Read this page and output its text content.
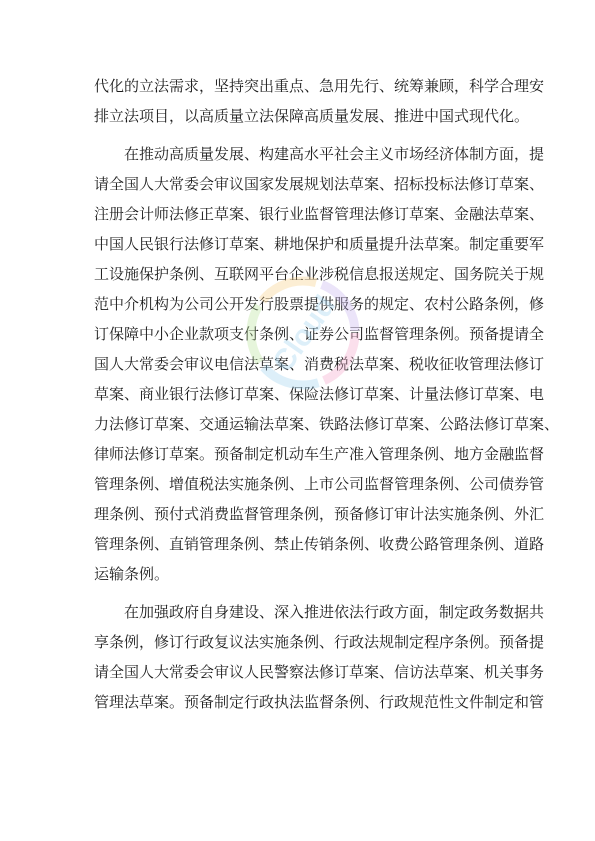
代化的立法需求，坚持突出重点、急用先行、统筹兼顾，科学合理安
排立法项目，以高质量立法保障高质量发展、推进中国式现代化。
在推动高质量发展、构建高水平社会主义市场经济体制方面，提
请全国人大常委会审议国家发展规划法草案、招标投标法修订草案、
注册会计师法修正草案、银行业监督管理法修订草案、金融法草案、
中国人民银行法修订草案、耕地保护和质量提升法草案。制定重要军
工设施保护条例、互联网平台企业涉税信息报送规定、国务院关于规
范中介机构为公司公开发行股票提供服务的规定、农村公路条例，修
订保障中小企业款项支付条例、证券公司监督管理条例。预备提请全
国人大常委会审议电信法草案、消费税法草案、税收征收管理法修订
草案、商业银行法修订草案、保险法修订草案、计量法修订草案、电
力法修订草案、交通运输法草案、铁路法修订草案、公路法修订草案、
律师法修订草案。预备制定机动车生产准入管理条例、地方金融监督
管理条例、增值税法实施条例、上市公司监督管理条例、公司债券管
理条例、预付式消费监督管理条例，预备修订审计法实施条例、外汇
管理条例、直销管理条例、禁止传销条例、收费公路管理条例、道路
运输条例。
在加强政府自身建设、深入推进依法行政方面，制定政务数据共
享条例，修订行政复议法实施条例、行政法规制定程序条例。预备提
请全国人大常委会审议人民警察法修订草案、信访法草案、机关事务
管理法草案。预备制定行政执法监督条例、行政规范性文件制定和管
Cloud
